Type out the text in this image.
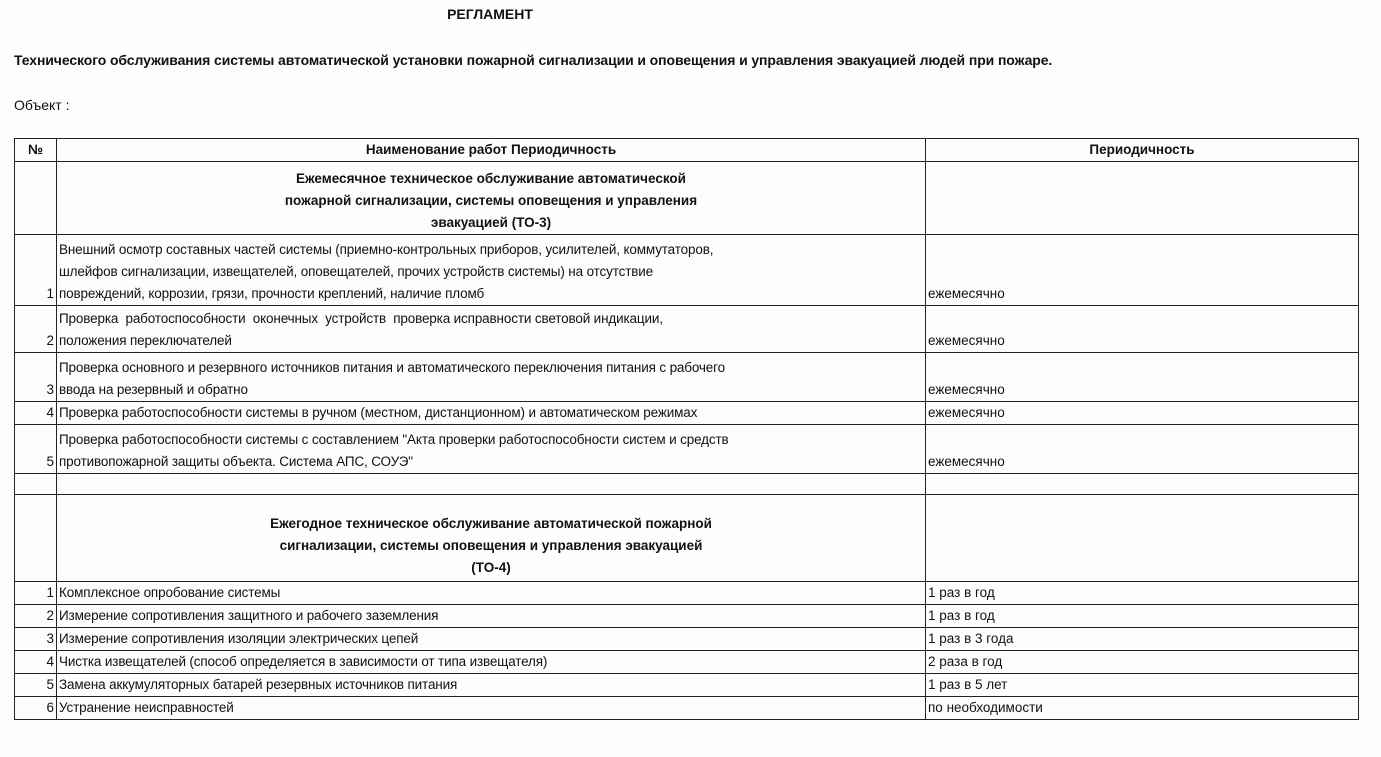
РЕГЛАМЕНТ
Технического обслуживания системы автоматической установки пожарной сигнализации и оповещения и управления эвакуацией людей при пожаре.
Объект :
№	Наименование работ Периодичность	Периодичность

	Ежемесячное техническое обслуживание автоматической
пожарной сигнализации, системы оповещения и управления
эвакуацией (ТО-3)	

1	Внешний осмотр составных частей системы (приемно-контрольных приборов, усилителей, коммутаторов,
шлейфов сигнализации, извещателей, оповещателей, прочих устройств системы) на отсутствие
повреждений, коррозии, грязи, прочности креплений, наличие пломб	ежемесячно
2	Проверка  работоспособности  оконечных  устройств  проверка исправности световой индикации,
положения переключателей	ежемесячно
3	Проверка основного и резервного источников питания и автоматического переключения питания с рабочего
ввода на резервный и обратно	ежемесячно
4	Проверка работоспособности системы в ручном (местном, дистанционном) и автоматическом режимах	ежемесячно
5	Проверка работоспособности системы с составлением "Акта проверки работоспособности систем и средств
противопожарной защиты объекта. Система АПС, СОУЭ"	ежемесячно

	Ежегодное техническое обслуживание автоматической пожарной
сигнализации, системы оповещения и управления эвакуацией
(ТО-4)	

1	Комплексное опробование системы	1 раз в год
2	Измерение сопротивления защитного и рабочего заземления	1 раз в год
3	Измерение сопротивления изоляции электрических цепей	1 раз в 3 года
4	Чистка извещателей (способ определяется в зависимости от типа извещателя)	2 раза в год
5	Замена аккумуляторных батарей резервных источников питания	1 раз в 5 лет
6	Устранение неисправностей	по необходимости
